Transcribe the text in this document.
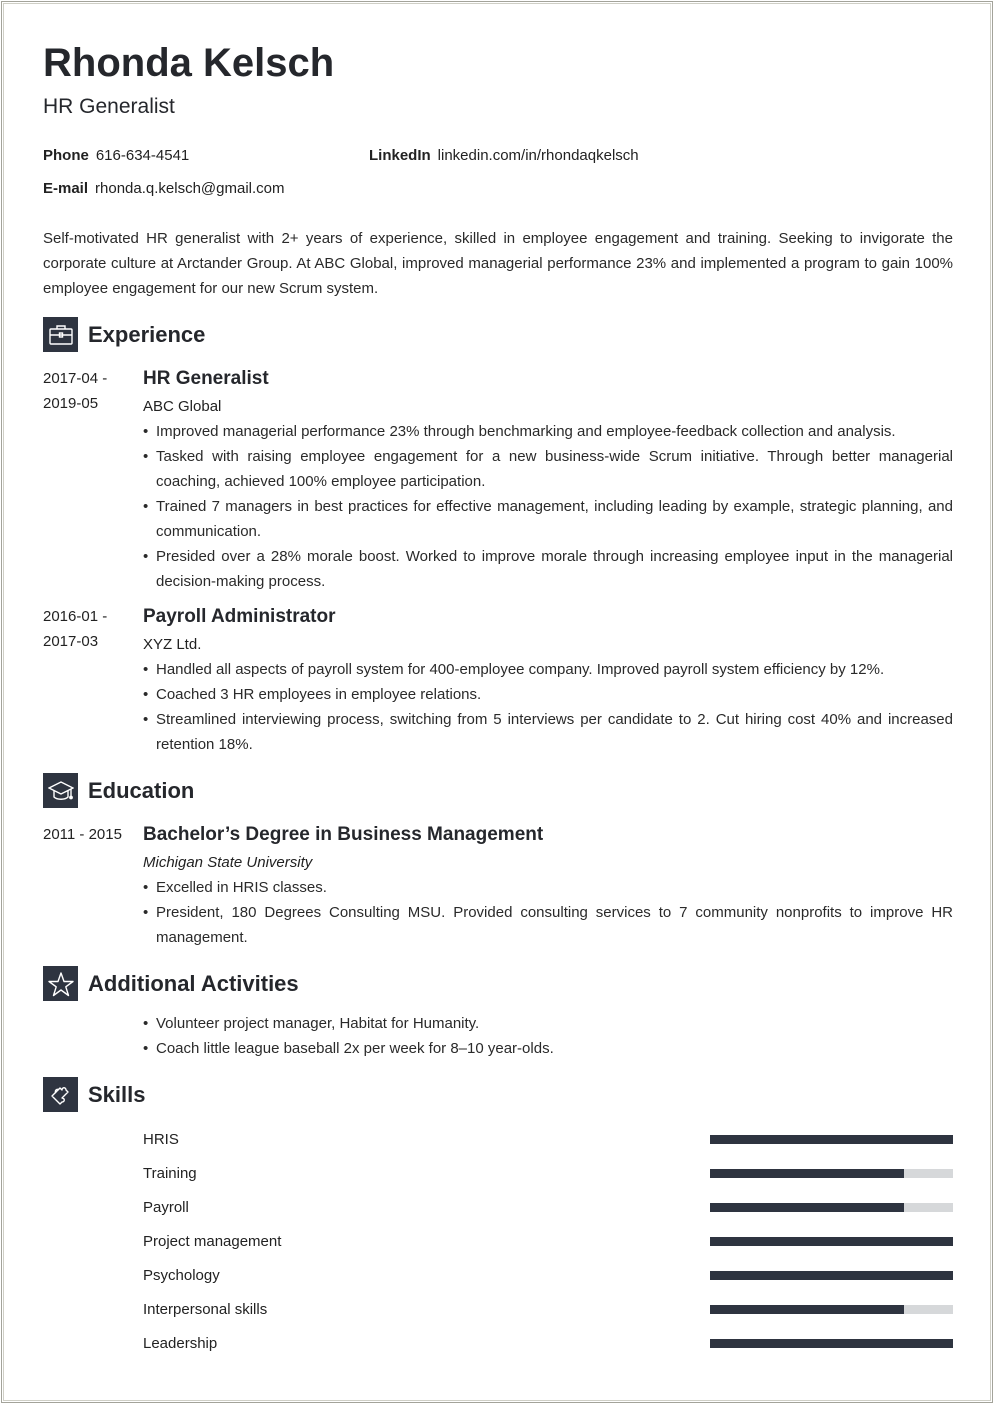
Rhonda Kelsch
HR Generalist
Phone 616-634-4541	LinkedIn linkedin.com/in/rhondaqkelsch
E-mail rhonda.q.kelsch@gmail.com

Self-motivated HR generalist with 2+ years of experience, skilled in employee engagement and training. Seeking to invigorate the corporate culture at Arctander Group. At ABC Global, improved managerial performance 23% and implemented a program to gain 100% employee engagement for our new Scrum system.

Experience
2017-04 - 2019-05
HR Generalist
ABC Global
• Improved managerial performance 23% through benchmarking and employee-feedback collection and analysis.
• Tasked with raising employee engagement for a new business-wide Scrum initiative. Through better managerial coaching, achieved 100% employee participation.
• Trained 7 managers in best practices for effective management, including leading by example, strategic planning, and communication.
• Presided over a 28% morale boost. Worked to improve morale through increasing employee input in the managerial decision-making process.
2016-01 - 2017-03
Payroll Administrator
XYZ Ltd.
• Handled all aspects of payroll system for 400-employee company. Improved payroll system efficiency by 12%.
• Coached 3 HR employees in employee relations.
• Streamlined interviewing process, switching from 5 interviews per candidate to 2. Cut hiring cost 40% and increased retention 18%.
Education
2011 - 2015	Bachelor’s Degree in Business Management
Michigan State University
• Excelled in HRIS classes.
• President, 180 Degrees Consulting MSU. Provided consulting services to 7 community nonprofits to improve HR management.
Additional Activities
• Volunteer project manager, Habitat for Humanity.
• Coach little league baseball 2x per week for 8–10 year-olds.
Skills
HRIS
Training
Payroll
Project management
Psychology
Interpersonal skills
Leadership
